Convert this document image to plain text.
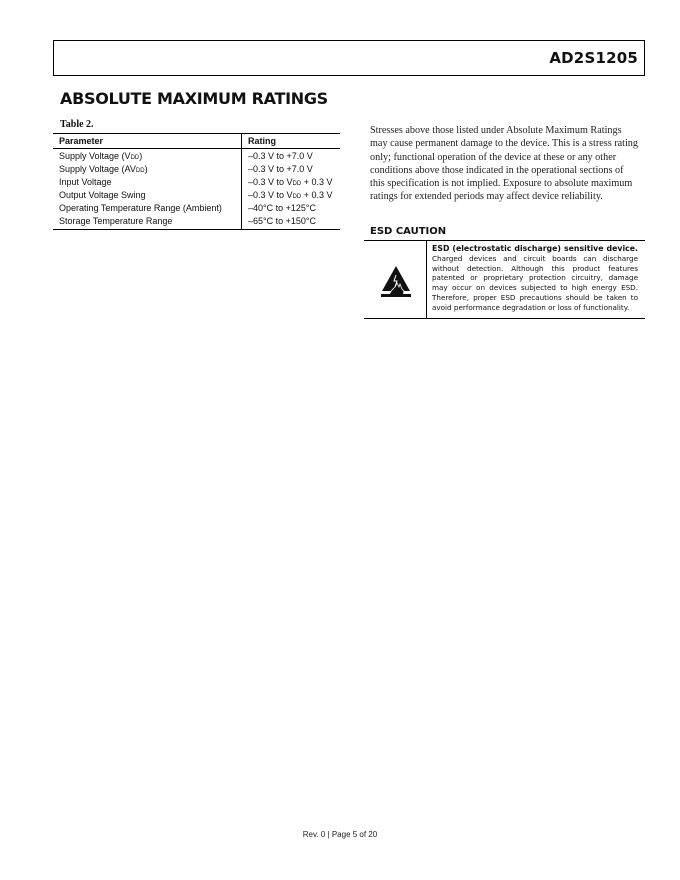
AD2S1205
ABSOLUTE MAXIMUM RATINGS
Table 2.
Parameter	Rating
Supply Voltage (VDD)	–0.3 V to +7.0 V
Supply Voltage (AVDD)	–0.3 V to +7.0 V
Input Voltage	–0.3 V to VDD + 0.3 V
Output Voltage Swing	–0.3 V to VDD + 0.3 V
Operating Temperature Range (Ambient)	–40°C to +125°C
Storage Temperature Range	–65°C to +150°C
Stresses above those listed under Absolute Maximum Ratings may cause permanent damage to the device. This is a stress rating only; functional operation of the device at these or any other conditions above those indicated in the operational sections of this specification is not implied. Exposure to absolute maximum ratings for extended periods may affect device reliability.
ESD CAUTION
ESD (electrostatic discharge) sensitive device. Charged devices and circuit boards can discharge without detection. Although this product features patented or proprietary protection circuitry, damage may occur on devices subjected to high energy ESD. Therefore, proper ESD precautions should be taken to avoid performance degradation or loss of functionality.
Rev. 0 | Page 5 of 20
